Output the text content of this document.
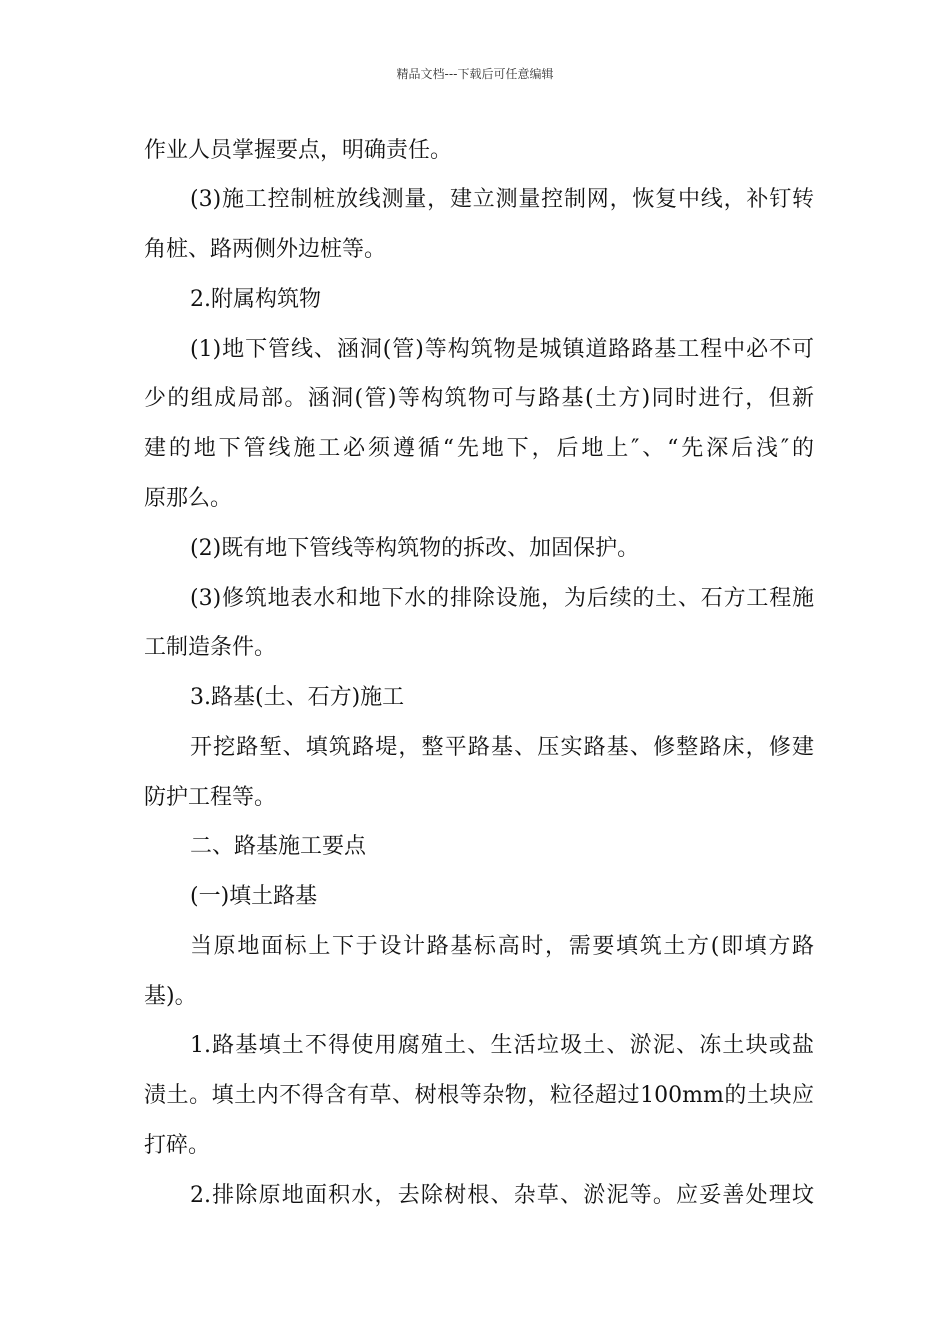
精品文档---下载后可任意编辑
作业人员掌握要点，明确责任。
(3)施工控制桩放线测量，建立测量控制网，恢复中线，补钉转
角桩、路两侧外边桩等。
2.附属构筑物
(1)地下管线、涵洞(管)等构筑物是城镇道路路基工程中必不可
少的组成局部。涵洞(管)等构筑物可与路基(土方)同时进行，但新
建的地下管线施工必须遵循“先地下，后地上″、“先深后浅″的
原那么。
(2)既有地下管线等构筑物的拆改、加固保护。
(3)修筑地表水和地下水的排除设施，为后续的土、石方工程施
工制造条件。
3.路基(土、石方)施工
开挖路堑、填筑路堤，整平路基、压实路基、修整路床，修建
防护工程等。
二、路基施工要点
(一)填土路基
当原地面标上下于设计路基标高时，需要填筑土方(即填方路
基)。
1.路基填土不得使用腐殖土、生活垃圾土、淤泥、冻土块或盐
渍土。填土内不得含有草、树根等杂物，粒径超过100mm的土块应
打碎。
2.排除原地面积水，去除树根、杂草、淤泥等。应妥善处理坟
